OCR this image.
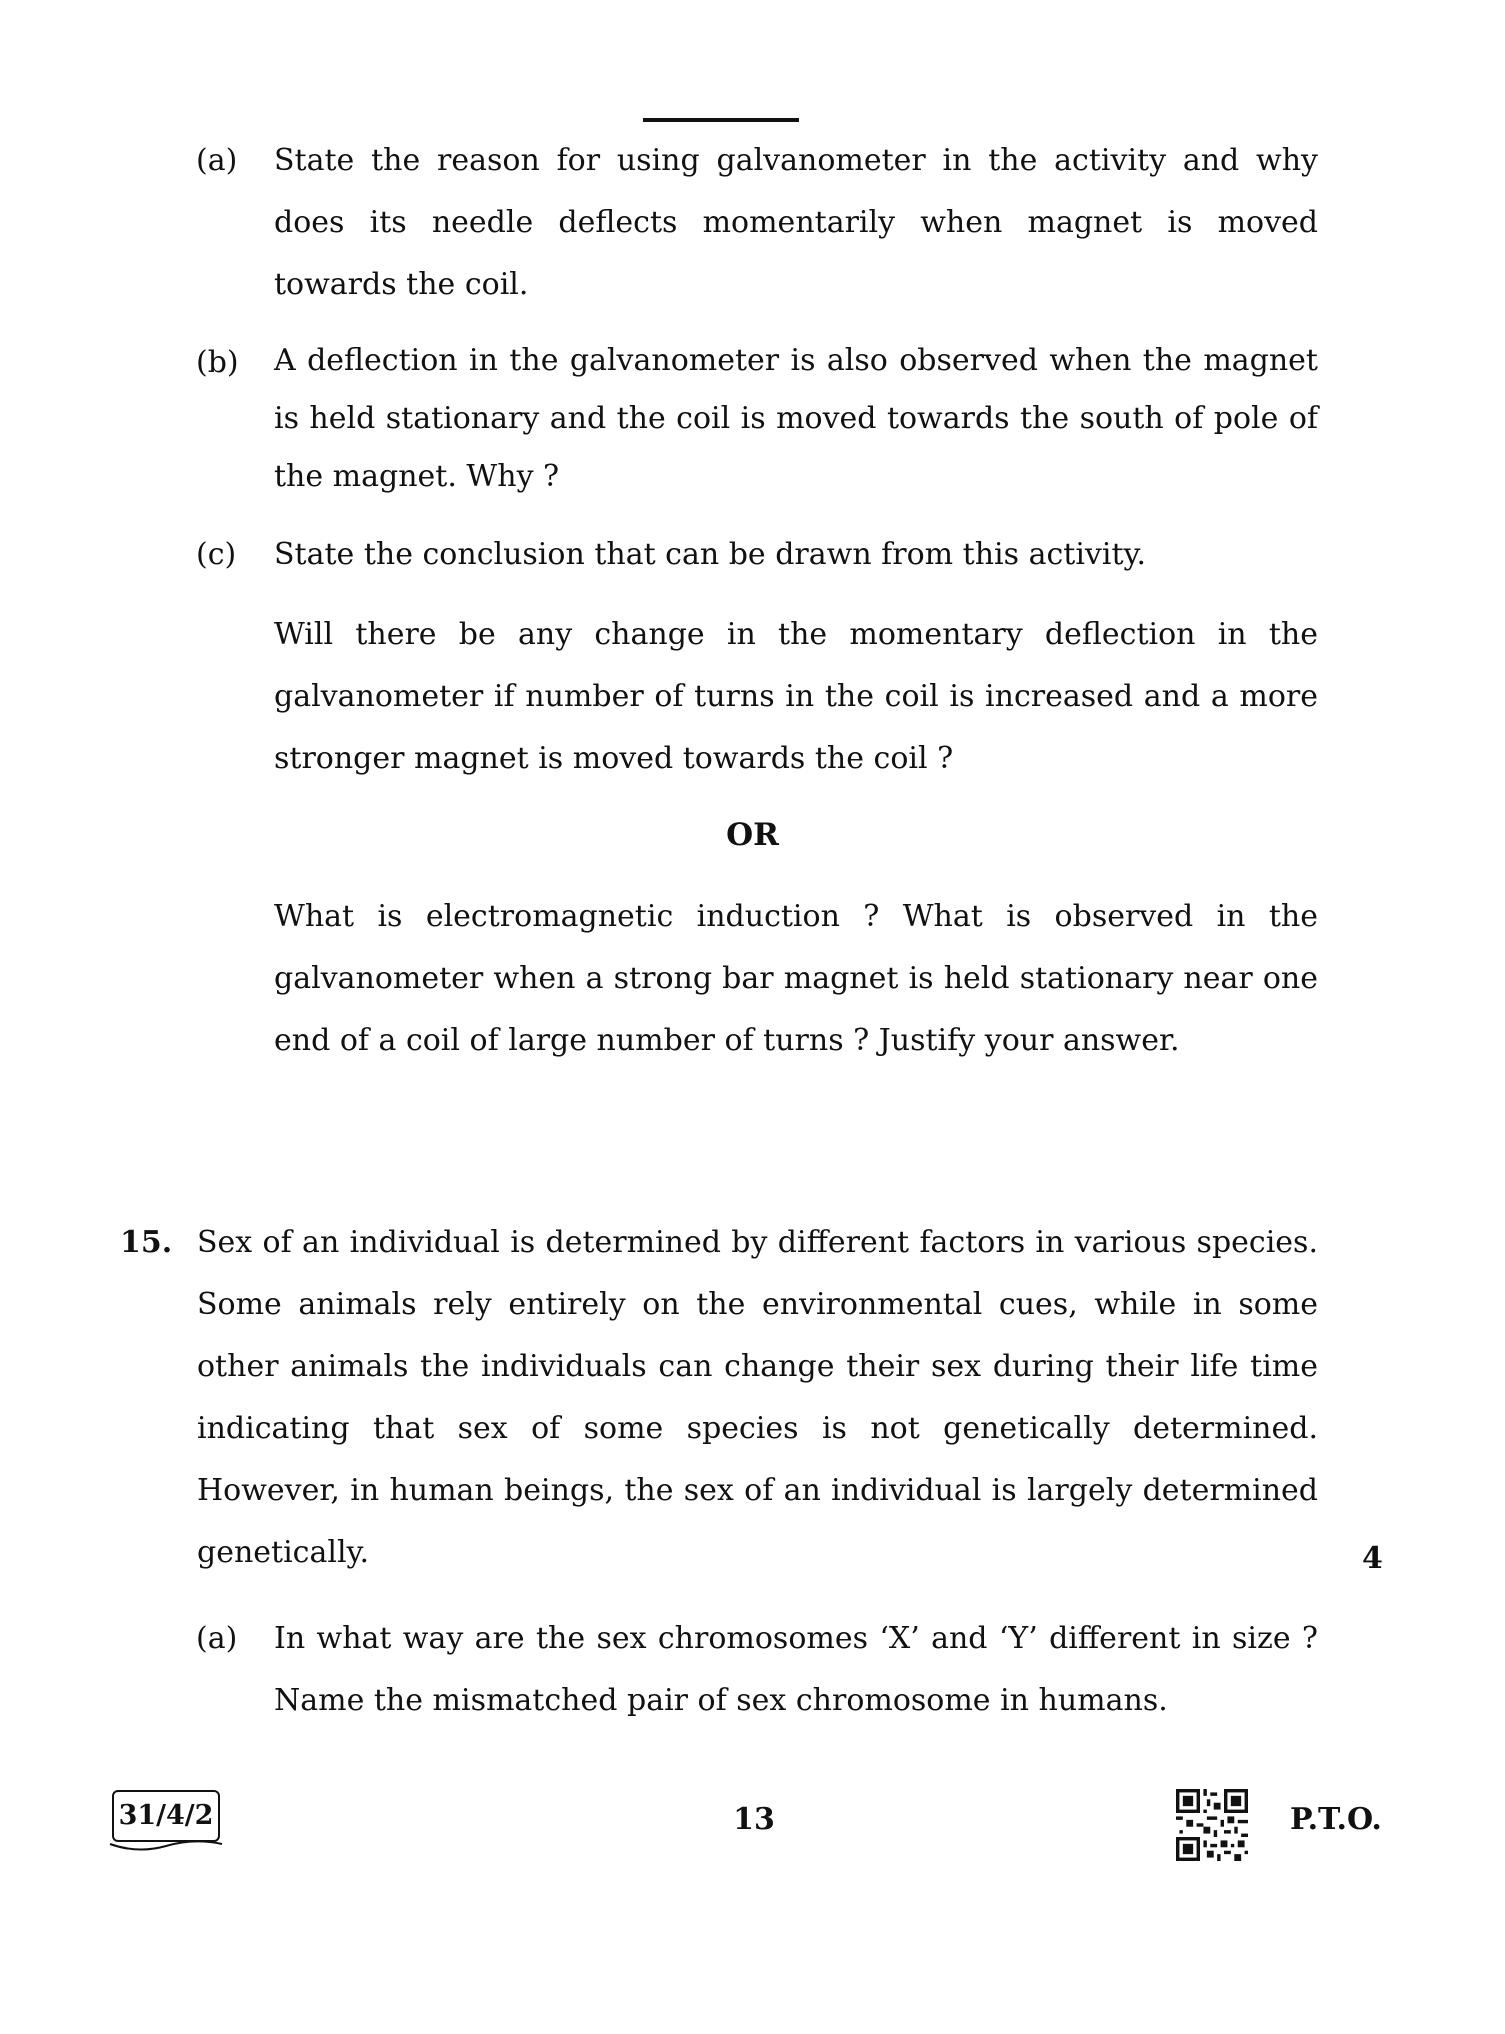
(a) State the reason for using galvanometer in the activity and why does its needle deflects momentarily when magnet is moved towards the coil.
(b) A deflection in the galvanometer is also observed when the magnet is held stationary and the coil is moved towards the south of pole of the magnet. Why ?
(c) State the conclusion that can be drawn from this activity.
Will there be any change in the momentary deflection in the galvanometer if number of turns in the coil is increased and a more stronger magnet is moved towards the coil ?
OR
What is electromagnetic induction ? What is observed in the galvanometer when a strong bar magnet is held stationary near one end of a coil of large number of turns ? Justify your answer.
15. Sex of an individual is determined by different factors in various species. Some animals rely entirely on the environmental cues, while in some other animals the individuals can change their sex during their life time indicating that sex of some species is not genetically determined. However, in human beings, the sex of an individual is largely determined genetically.	4
(a) In what way are the sex chromosomes ‘X’ and ‘Y’ different in size ? Name the mismatched pair of sex chromosome in humans.
31/4/2	13	P.T.O.
